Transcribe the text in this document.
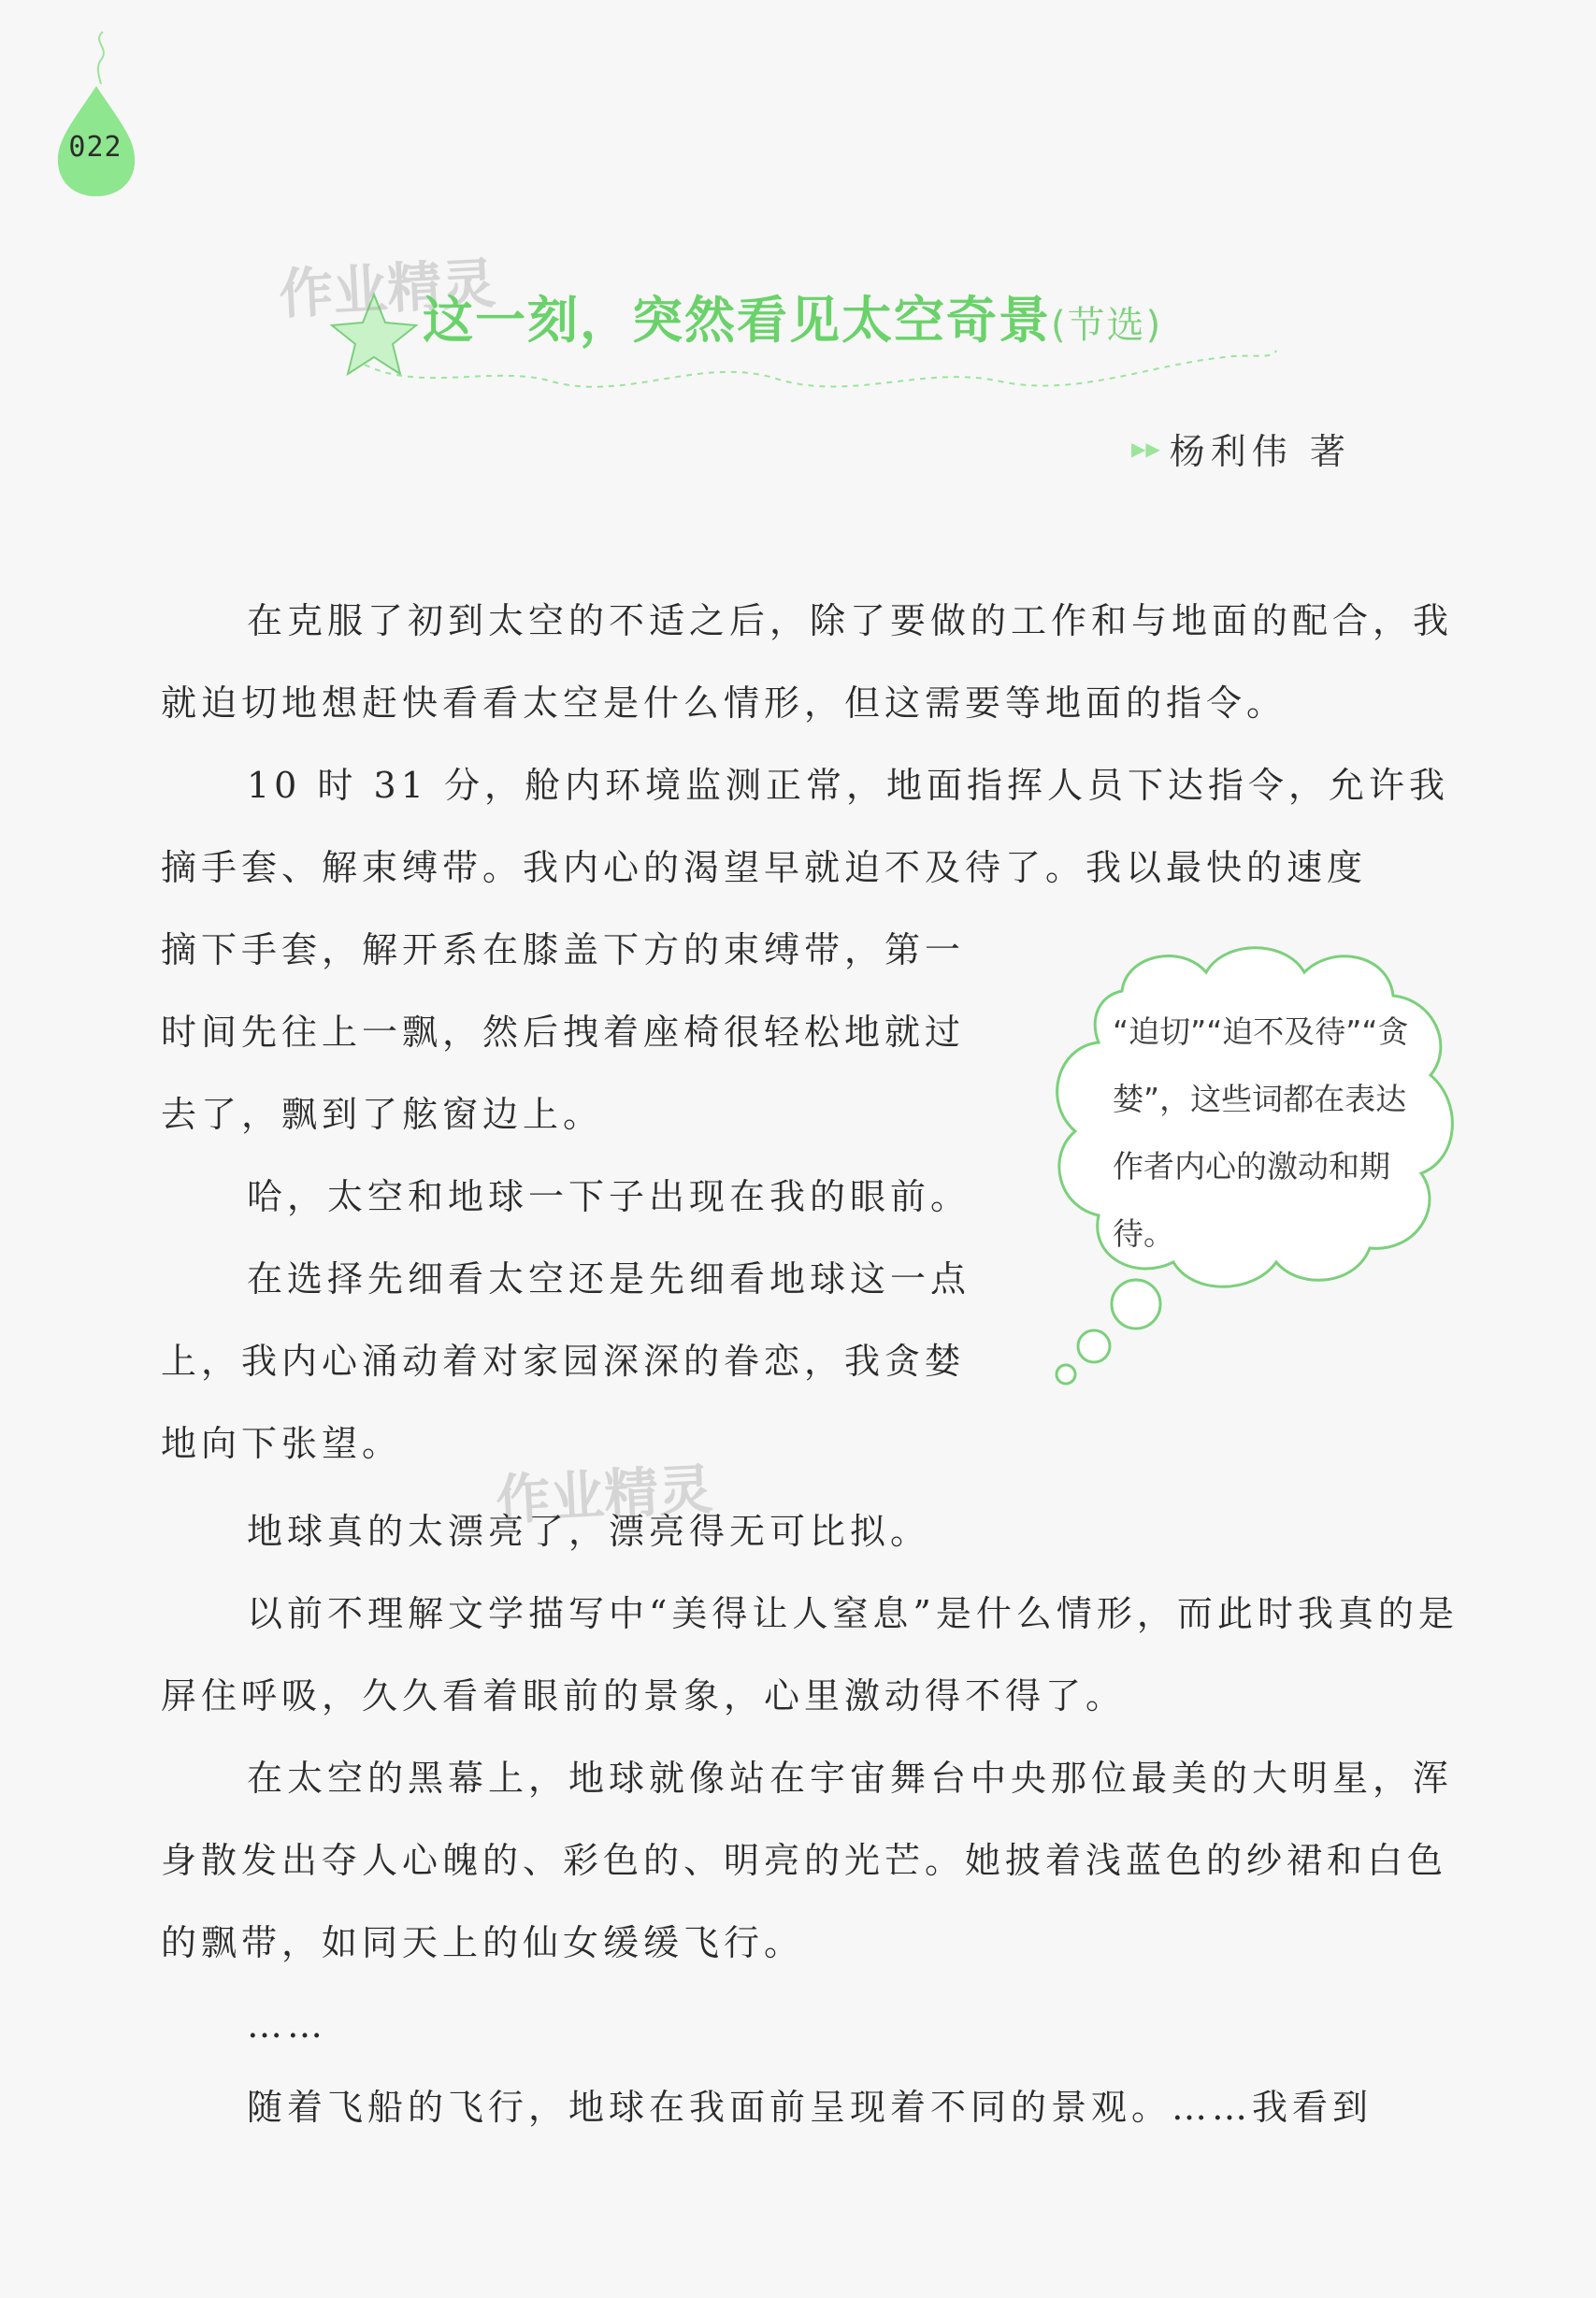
022
作业精灵
这一刻，突然看见太空奇景(节选)
▶▶ 杨利伟 著

在克服了初到太空的不适之后，除了要做的工作和与地面的配合，我就迫切地想赶快看看太空是什么情形，但这需要等地面的指令。

10 时 31 分，舱内环境监测正常，地面指挥人员下达指令，允许我摘手套、解束缚带。我内心的渴望早就迫不及待了。我以最快的速度

摘下手套，解开系在膝盖下方的束缚带，第一时间先往上一飘，然后拽着座椅很轻松地就过去了，飘到了舷窗边上。

哈，太空和地球一下子出现在我的眼前。

在选择先细看太空还是先细看地球这一点上，我内心涌动着对家园深深的眷恋，我贪婪地向下张望。

作业精灵

地球真的太漂亮了，漂亮得无可比拟。

以前不理解文学描写中“美得让人窒息”是什么情形，而此时我真的是屏住呼吸，久久看着眼前的景象，心里激动得不得了。

在太空的黑幕上，地球就像站在宇宙舞台中央那位最美的大明星，浑身散发出夺人心魄的、彩色的、明亮的光芒。她披着浅蓝色的纱裙和白色的飘带，如同天上的仙女缓缓飞行。

……

随着飞船的飞行，地球在我面前呈现着不同的景观。……我看到

“迫切”“迫不及待”“贪婪”，这些词都在表达作者内心的激动和期待。
